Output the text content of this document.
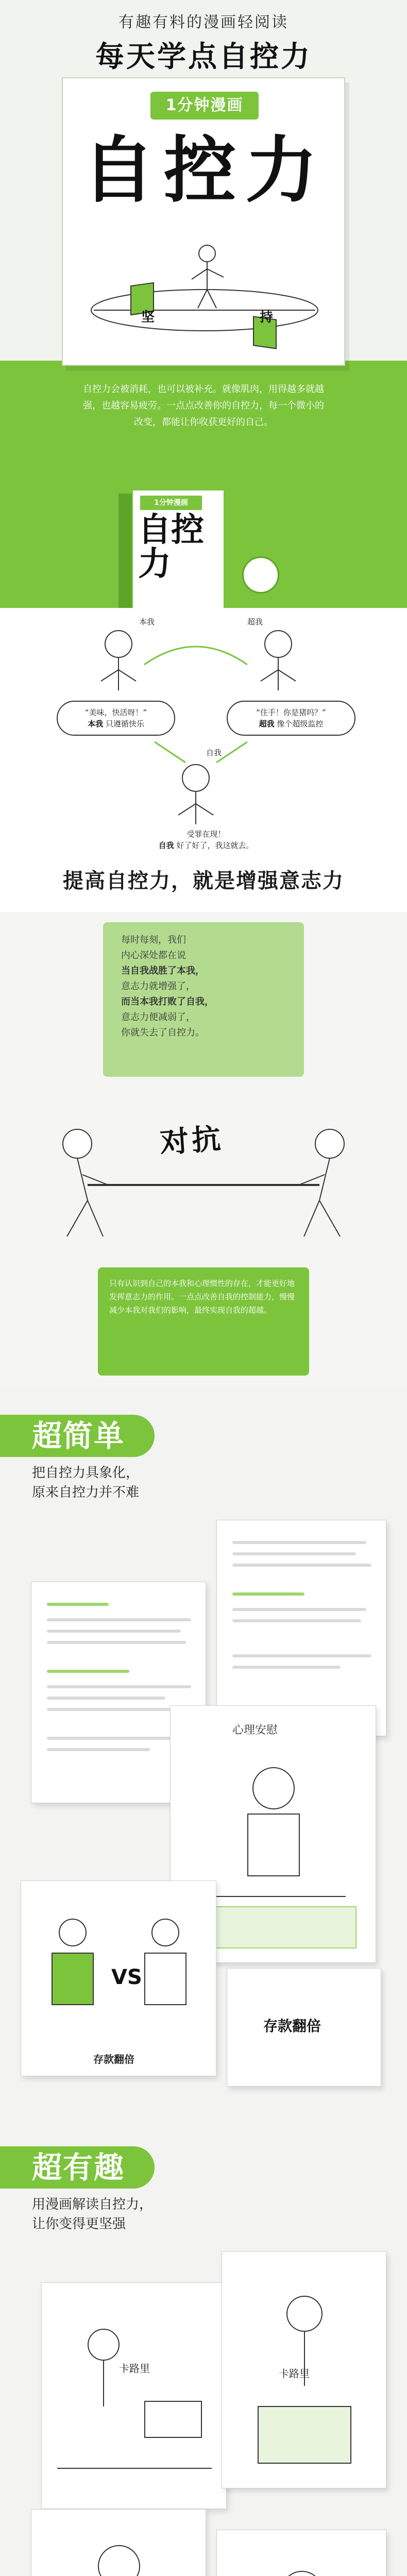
有趣有料的漫画轻阅读
每天学点自控力
1分钟漫画
自控力
坚	持
自控力会被消耗，也可以被补充。就像肌肉，用得越多就越强，也越容易疲劳。一点点改善你的自控力，每一个微小的改变，都能让你收获更好的自己。
1分钟漫画
自控力
本我	超我
“美味，快活呀！”
本我 只遵循快乐
“住手！你是猪吗？”
超我 像个超级监控
自我
受罪在现！
自我 好了好了，我这就去。
提高自控力，就是增强意志力
每时每刻，我们
内心深处都在说
当自我战胜了本我，
意志力就增强了，
而当本我打败了自我，
意志力便减弱了，
你就失去了自控力。
对抗
只有认识到自己的本我和心理惯性的存在，才能更好地发挥意志力的作用。一点点改善自我的控制能力，慢慢减少本我对我们的影响，最终实现自我的超越。
超简单
把自控力具象化，
原来自控力并不难
心理安慰
VS
存款翻倍
存款翻倍
超有趣
用漫画解读自控力，
让你变得更坚强
卡路里	卡路里
